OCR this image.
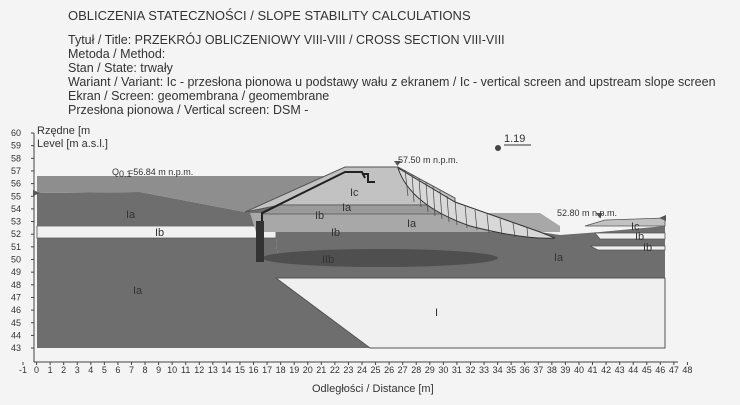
OBLICZENIA STATECZNOŚCI / SLOPE STABILITY CALCULATIONS
Tytuł / Title: PRZEKRÓJ OBLICZENIOWY VIII-VIII / CROSS SECTION VIII-VIII
Metoda / Method:
Stan / State: trwały
Wariant / Variant: Ic - przesłona pionowa u podstawy wału z ekranem / Ic - vertical screen and upstream slope screen
Ekran / Screen: geomembrana / geomembrane
Przesłona pionowa / Vertical screen: DSM -
1.19
Rzędne [m
Level [m a.s.l.]
Odległości / Distance [m]
Q 0.1
=56.84 m n.p.m.
57.50 m n.p.m.
52.80 m n.p.m.
Ia
Ib
Ia
Ic
Ia
Ib
Ib
Ia
IIb	Ia
I
Ic
Ib
Ib
60
59
58
57
56
55
54
53
52
51
50
49
48
47
46
45
44
43
-1 0 1 2 3 4 5 6 7 8 9 10 11 12 13 14 15 16 17 18 19 20 21 22 23 24 25 26 27 28 29 30 31 32 33 34 35 36 37 38 39 40 41 42 43 44 45 46 47 48
